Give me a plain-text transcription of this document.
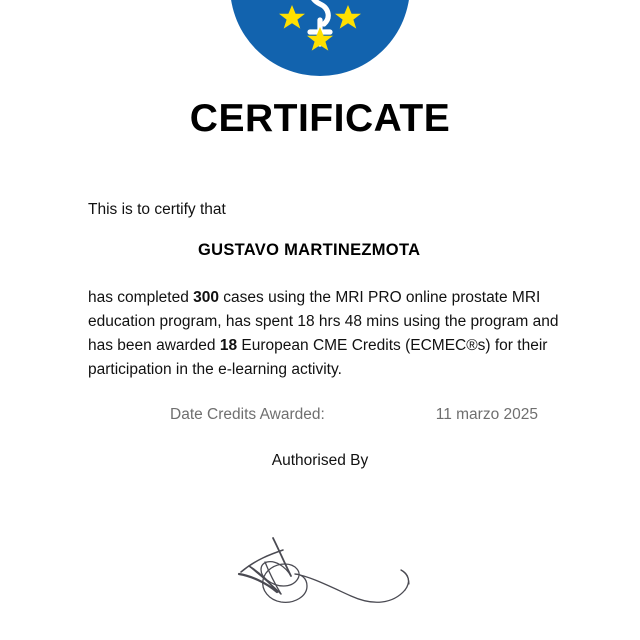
CERTIFICATE
This is to certify that
GUSTAVO MARTINEZMOTA
has completed 300 cases using the MRI PRO online prostate MRI education program, has spent 18 hrs 48 mins using the program and has been awarded 18 European CME Credits (ECMEC®s) for their participation in the e-learning activity.
Date Credits Awarded:	11 marzo 2025
Authorised By
